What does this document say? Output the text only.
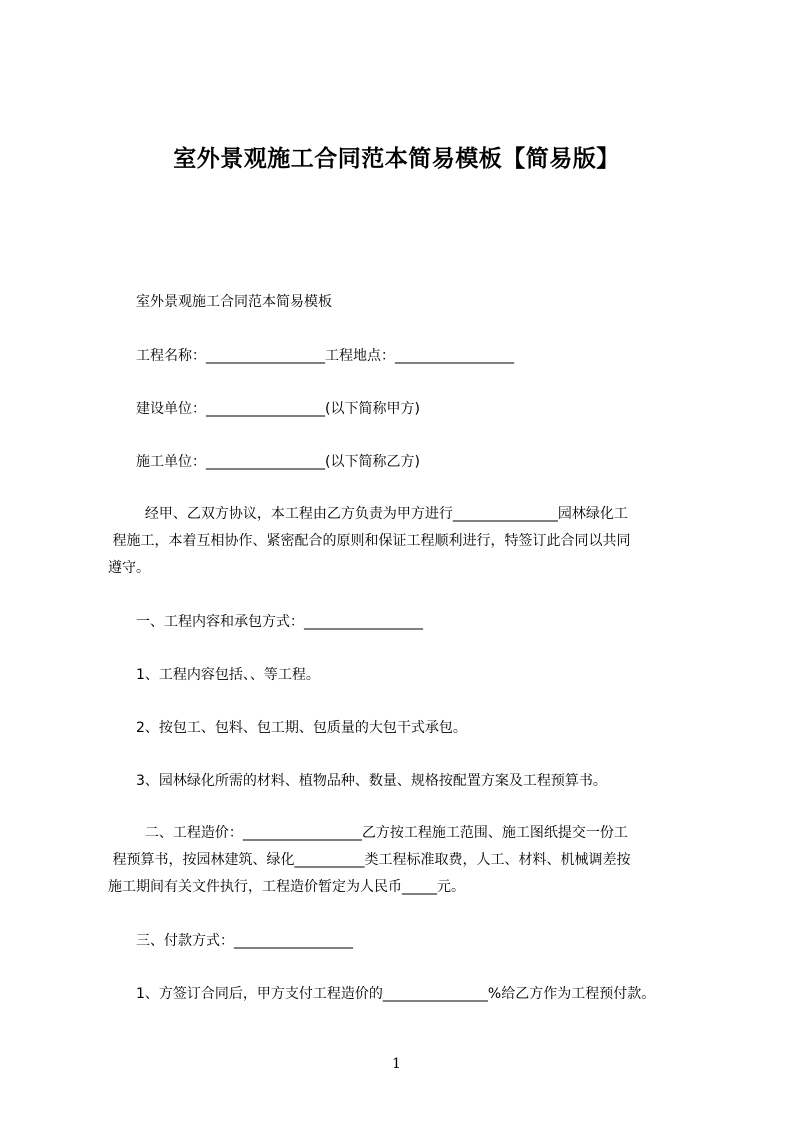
室外景观施工合同范本简易模板【简易版】
室外景观施工合同范本简易模板
工程名称：_________________工程地点：_________________
建设单位：_________________(以下简称甲方)
施工单位：_________________(以下简称乙方)
经甲、乙双方协议，本工程由乙方负责为甲方进行_______________园林绿化工
程施工，本着互相协作、紧密配合的原则和保证工程顺利进行，特签订此合同以共同
遵守。
一、工程内容和承包方式：_________________
1、工程内容包括、、等工程。
2、按包工、包料、包工期、包质量的大包干式承包。
3、园林绿化所需的材料、植物品种、数量、规格按配置方案及工程预算书。
二、工程造价：_________________乙方按工程施工范围、施工图纸提交一份工
程预算书，按园林建筑、绿化__________类工程标准取费，人工、材料、机械调差按
施工期间有关文件执行，工程造价暂定为人民币_____元。
三、付款方式：_________________
1、方签订合同后，甲方支付工程造价的_______________%给乙方作为工程预付款。
1
